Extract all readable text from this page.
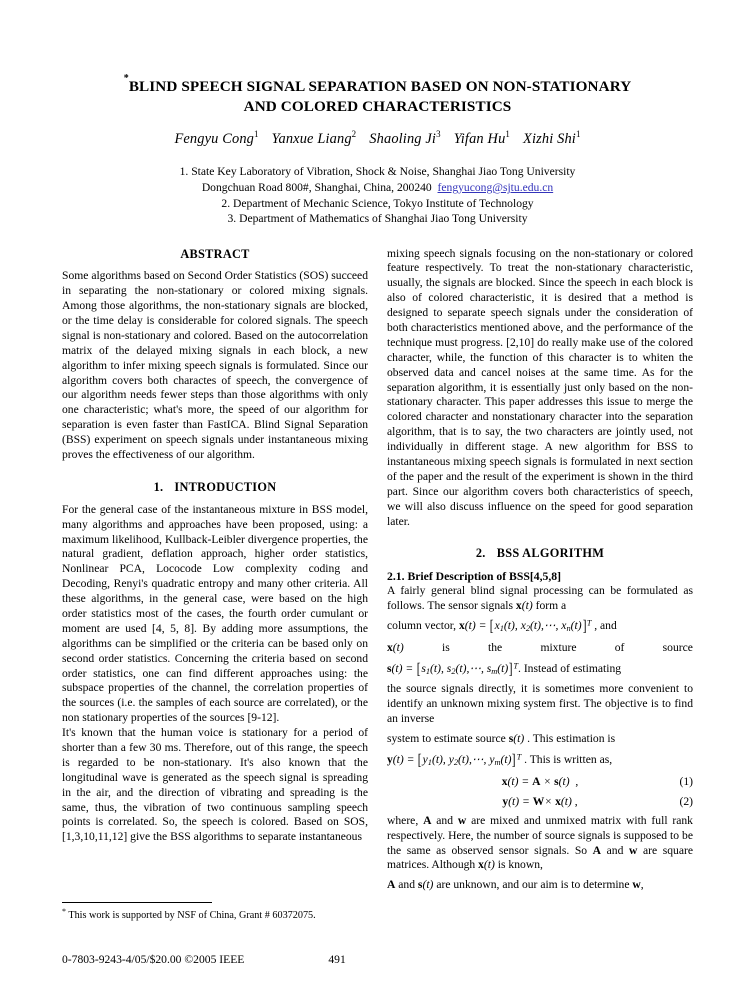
*BLIND SPEECH SIGNAL SEPARATION BASED ON NON-STATIONARY
AND COLORED CHARACTERISTICS
Fengyu Cong$^1$ Yanxue Liang$^2$ Shaoling Ji$^3$ Yifan Hu$^1$ Xizhi Shi$^1$
1. State Key Laboratory of Vibration, Shock & Noise, Shanghai Jiao Tong University
Dongchuan Road 800#, Shanghai, China, 200240 fengyucong@sjtu.edu.cn
2. Department of Mechanic Science, Tokyo Institute of Technology
3. Department of Mathematics of Shanghai Jiao Tong University
ABSTRACT

Some algorithms based on Second Order Statistics (SOS) succeed in separating the non-stationary or colored mixing signals. Among those algorithms, the non-stationary signals are blocked, or the time delay is considerable for colored signals. The speech signal is non-stationary and colored. Based on the autocorrelation matrix of the delayed mixing signals in each block, a new algorithm to infer mixing speech signals is formulated. Since our algorithm covers both charactes of speech, the convergence of our algorithm needs fewer steps than those algorithms with only one characteristic; what's more, the speed of our algorithm for separation is even faster than FastICA. Blind Signal Separation (BSS) experiment on speech signals under instantaneous mixing proves the effectiveness of our algorithm.

1. INTRODUCTION

For the general case of the instantaneous mixture in BSS model, many algorithms and approaches have been proposed, using: a maximum likelihood, Kullback-Leibler divergence properties, the natural gradient, deflation approach, higher order statistics, Nonlinear PCA, Lococode Low complexity coding and Decoding, Renyi's quadratic entropy and many other criteria. All these algorithms, in the general case, were based on the high order statistics most of the cases, the fourth order cumulant or moment are used [4, 5, 8]. By adding more assumptions, the algorithms can be simplified or the criteria can be based only on second order statistics. Concerning the criteria based on second order statistics, one can find different approaches using: the subspace properties of the channel, the correlation properties of the sources (i.e. the samples of each source are correlated), or the non stationary properties of the sources [9-12].

It's known that the human voice is stationary for a period of shorter than a few 30 ms. Therefore, out of this range, the speech is regarded to be non-stationary. It's also known that the longitudinal wave is generated as the speech signal is spreading in the air, and the direction of vibrating and spreading is the same, thus, the vibration of two continuous sampling speech points is correlated. So, the speech is colored. Based on SOS, [1,3,10,11,12] give the BSS algorithms to separate instantaneous

mixing speech signals focusing on the non-stationary or colored feature respectively. To treat the non-stationary characteristic, usually, the signals are blocked. Since the speech in each block is also of colored characteristic, it is desired that a method is designed to separate speech signals under the consideration of both characteristics mentioned above, and the performance of the technique must progress. [2,10] do really make use of the colored character, while, the function of this character is to whiten the observed data and cancel noises at the same time. As for the separation algorithm, it is essentially just only based on the non-stationary character. This paper addresses this issue to merge the colored character and nonstationary character into the separation algorithm, that is to say, the two characters are jointly used, not individually in different stage. A new algorithm for BSS to instantaneous mixing speech signals is formulated in next section of the paper and the result of the experiment is shown in the third part. Since our algorithm covers both characteristics of speech, we will also discuss influence on the speed for good separation later.

2. BSS ALGORITHM
2.1. Brief Description of BSS[4,5,8]

A fairly general blind signal processing can be formulated as follows. The sensor signals x(t) form a

column vector, x(t) = [x1(t), x2(t),⋯, xn(t)]$^T$ , and
x(t)	is	the	mixture	of	source
s(t) = [s1(t), s2(t),⋯, sm(t)]$^T$. Instead of estimating

the source signals directly, it is sometimes more convenient to identify an unknown mixing system first. The objective is to find an inverse

system to estimate source s(t) . This estimation is
y(t) = [y1(t), y2(t),⋯, ym(t)]$^T$ . This is written as,
x(t) = A × s(t) ,	(1)
y(t) = W× x(t) ,	(2)

where, A and w are mixed and unmixed matrix with full rank respectively. Here, the number of source signals is supposed to be the same as observed sensor signals. So A and w are square matrices. Although x(t) is known,

A and s(t) are unknown, and our aim is to determine w,
* This work is supported by NSF of China, Grant # 60372075.
0-7803-9243-4/05/$20.00 ©2005 IEEE	491
